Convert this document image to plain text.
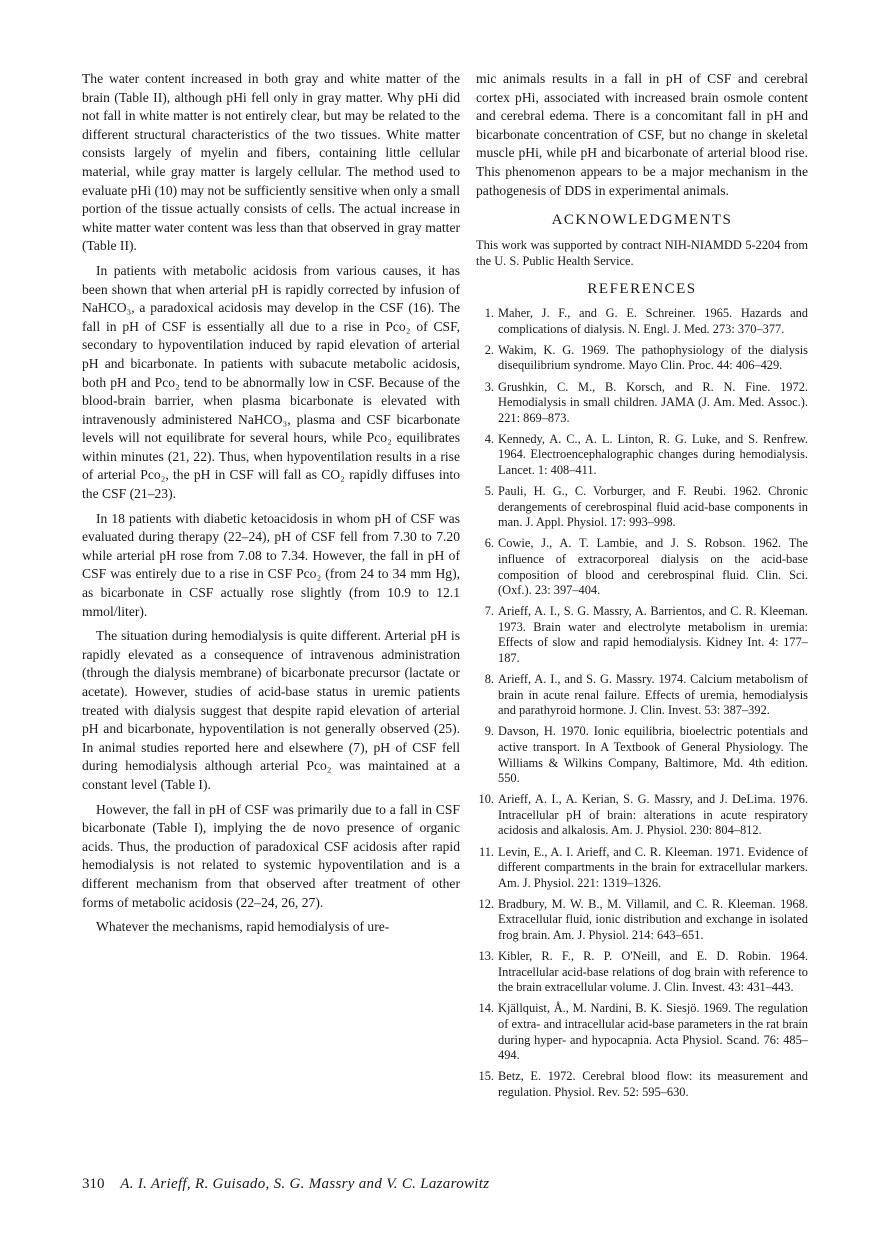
The water content increased in both gray and white matter of the brain (Table II), although pHi fell only in gray matter. Why pHi did not fall in white matter is not entirely clear, but may be related to the different structural characteristics of the two tissues. White matter consists largely of myelin and fibers, containing little cellular material, while gray matter is largely cellular. The method used to evaluate pHi (10) may not be sufficiently sensitive when only a small portion of the tissue actually consists of cells. The actual increase in white matter water content was less than that observed in gray matter (Table II).

In patients with metabolic acidosis from various causes, it has been shown that when arterial pH is rapidly corrected by infusion of NaHCO₃, a paradoxical acidosis may develop in the CSF (16). The fall in pH of CSF is essentially all due to a rise in Pco₂ of CSF, secondary to hypoventilation induced by rapid elevation of arterial pH and bicarbonate. In patients with subacute metabolic acidosis, both pH and Pco₂ tend to be abnormally low in CSF. Because of the blood-brain barrier, when plasma bicarbonate is elevated with intravenously administered NaHCO₃, plasma and CSF bicarbonate levels will not equilibrate for several hours, while Pco₂ equilibrates within minutes (21, 22). Thus, when hypoventilation results in a rise of arterial Pco₂, the pH in CSF will fall as CO₂ rapidly diffuses into the CSF (21–23).

In 18 patients with diabetic ketoacidosis in whom pH of CSF was evaluated during therapy (22–24), pH of CSF fell from 7.30 to 7.20 while arterial pH rose from 7.08 to 7.34. However, the fall in pH of CSF was entirely due to a rise in CSF Pco₂ (from 24 to 34 mm Hg), as bicarbonate in CSF actually rose slightly (from 10.9 to 12.1 mmol/liter).

The situation during hemodialysis is quite different. Arterial pH is rapidly elevated as a consequence of intravenous administration (through the dialysis membrane) of bicarbonate precursor (lactate or acetate). However, studies of acid-base status in uremic patients treated with dialysis suggest that despite rapid elevation of arterial pH and bicarbonate, hypoventilation is not generally observed (25). In animal studies reported here and elsewhere (7), pH of CSF fell during hemodialysis although arterial Pco₂ was maintained at a constant level (Table I).

However, the fall in pH of CSF was primarily due to a fall in CSF bicarbonate (Table I), implying the de novo presence of organic acids. Thus, the production of paradoxical CSF acidosis after rapid hemodialysis is not related to systemic hypoventilation and is a different mechanism from that observed after treatment of other forms of metabolic acidosis (22–24, 26, 27).

Whatever the mechanisms, rapid hemodialysis of ure-

mic animals results in a fall in pH of CSF and cerebral cortex pHi, associated with increased brain osmole content and cerebral edema. There is a concomitant fall in pH and bicarbonate concentration of CSF, but no change in skeletal muscle pHi, while pH and bicarbonate of arterial blood rise. This phenomenon appears to be a major mechanism in the pathogenesis of DDS in experimental animals.

ACKNOWLEDGMENTS

This work was supported by contract NIH-NIAMDD 5-2204 from the U. S. Public Health Service.

REFERENCES
1. Maher, J. F., and G. E. Schreiner. 1965. Hazards and complications of dialysis. N. Engl. J. Med. 273: 370–377.
2. Wakim, K. G. 1969. The pathophysiology of the dialysis disequilibrium syndrome. Mayo Clin. Proc. 44: 406–429.
3. Grushkin, C. M., B. Korsch, and R. N. Fine. 1972. Hemodialysis in small children. JAMA (J. Am. Med. Assoc.). 221: 869–873.
4. Kennedy, A. C., A. L. Linton, R. G. Luke, and S. Renfrew. 1964. Electroencephalographic changes during hemodialysis. Lancet. 1: 408–411.
5. Pauli, H. G., C. Vorburger, and F. Reubi. 1962. Chronic derangements of cerebrospinal fluid acid-base components in man. J. Appl. Physiol. 17: 993–998.
6. Cowie, J., A. T. Lambie, and J. S. Robson. 1962. The influence of extracorporeal dialysis on the acid-base composition of blood and cerebrospinal fluid. Clin. Sci. (Oxf.). 23: 397–404.
7. Arieff, A. I., S. G. Massry, A. Barrientos, and C. R. Kleeman. 1973. Brain water and electrolyte metabolism in uremia: Effects of slow and rapid hemodialysis. Kidney Int. 4: 177–187.
8. Arieff, A. I., and S. G. Massry. 1974. Calcium metabolism of brain in acute renal failure. Effects of uremia, hemodialysis and parathyroid hormone. J. Clin. Invest. 53: 387–392.
9. Davson, H. 1970. Ionic equilibria, bioelectric potentials and active transport. In A Textbook of General Physiology. The Williams & Wilkins Company, Baltimore, Md. 4th edition. 550.
10. Arieff, A. I., A. Kerian, S. G. Massry, and J. DeLima. 1976. Intracellular pH of brain: alterations in acute respiratory acidosis and alkalosis. Am. J. Physiol. 230: 804–812.
11. Levin, E., A. I. Arieff, and C. R. Kleeman. 1971. Evidence of different compartments in the brain for extracellular markers. Am. J. Physiol. 221: 1319–1326.
12. Bradbury, M. W. B., M. Villamil, and C. R. Kleeman. 1968. Extracellular fluid, ionic distribution and exchange in isolated frog brain. Am. J. Physiol. 214: 643–651.
13. Kibler, R. F., R. P. O'Neill, and E. D. Robin. 1964. Intracellular acid-base relations of dog brain with reference to the brain extracellular volume. J. Clin. Invest. 43: 431–443.
14. Kjällquist, Å., M. Nardini, B. K. Siesjö. 1969. The regulation of extra- and intracellular acid-base parameters in the rat brain during hyper- and hypocapnia. Acta Physiol. Scand. 76: 485–494.
15. Betz, E. 1972. Cerebral blood flow: its measurement and regulation. Physiol. Rev. 52: 595–630.
310 A. I. Arieff, R. Guisado, S. G. Massry and V. C. Lazarowitz
